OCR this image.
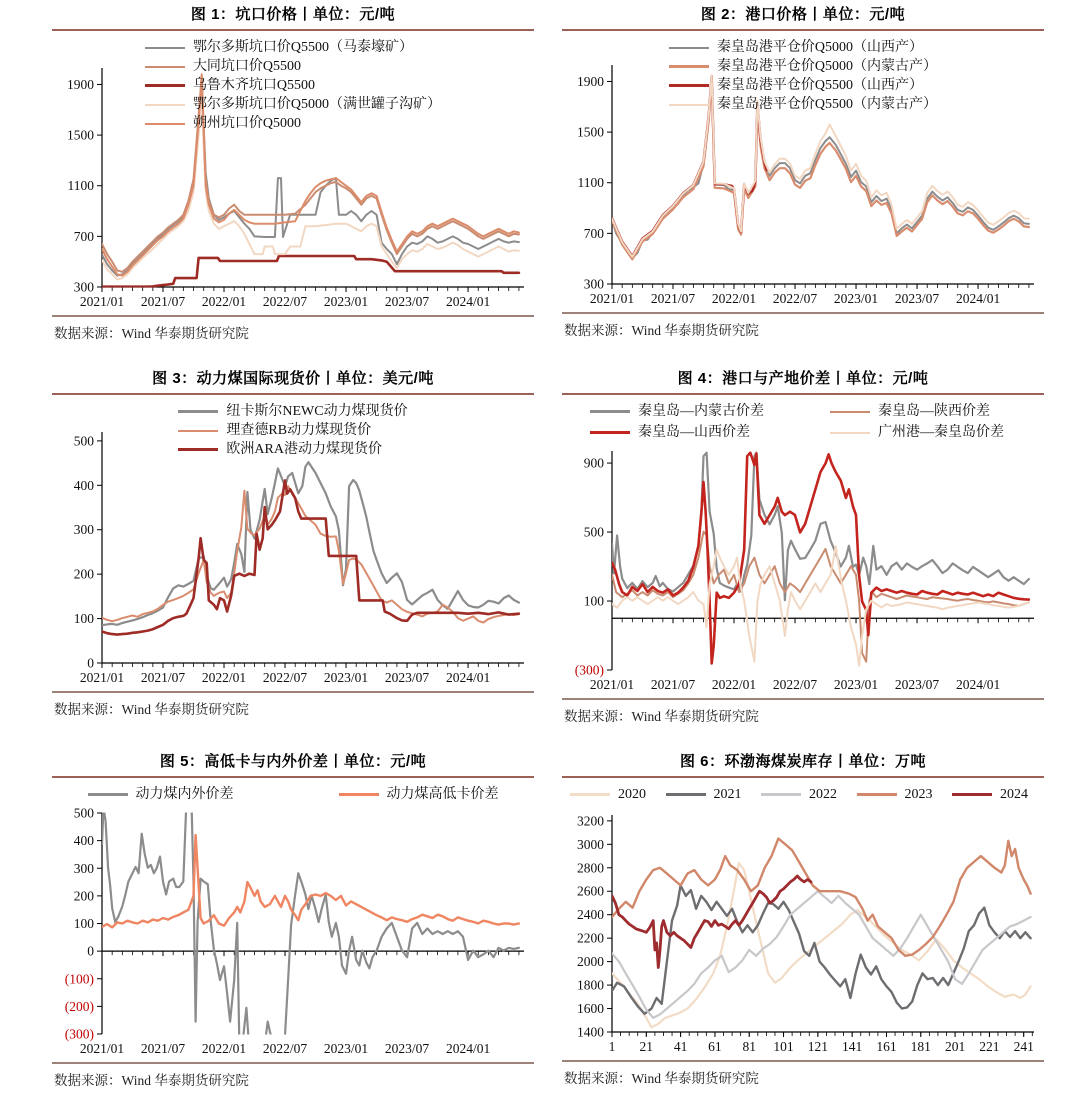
图 1：坑口价格丨单位：元/吨
鄂尔多斯坑口价Q5500（马泰壕矿）
大同坑口价Q5500
乌鲁木齐坑口Q5500
鄂尔多斯坑口价Q5000（满世罐子沟矿）
朔州坑口价Q5000
1900
1500
1100
700
300
2021/01 2021/07 2022/01 2022/07 2023/01 2023/07 2024/01
数据来源：Wind 华泰期货研究院
图 2：港口价格丨单位：元/吨
秦皇岛港平仓价Q5000（山西产）
秦皇岛港平仓价Q5000（内蒙古产）
秦皇岛港平仓价Q5500（山西产）
秦皇岛港平仓价Q5500（内蒙古产）
1900
1500
1100
700
300
2021/01 2021/07 2022/01 2022/07 2023/01 2023/07 2024/01
数据来源：Wind 华泰期货研究院
图 3：动力煤国际现货价丨单位：美元/吨
纽卡斯尔NEWC动力煤现货价
理查德RB动力煤现货价
欧洲ARA港动力煤现货价
500
400
300
200
100
0
2021/01 2021/07 2022/01 2022/07 2023/01 2023/07 2024/01
数据来源：Wind 华泰期货研究院
图 4：港口与产地价差丨单位：元/吨
秦皇岛—内蒙古价差	秦皇岛—陕西价差
秦皇岛—山西价差	广州港—秦皇岛价差
900
500
100
(300)
2021/01 2021/07 2022/01 2022/07 2023/01 2023/07 2024/01
数据来源：Wind 华泰期货研究院
图 5：高低卡与内外价差丨单位：元/吨
动力煤内外价差	动力煤高低卡价差
500
400
300
200
100
0
(100)
(200)
(300)
2021/01 2021/07 2022/01 2022/07 2023/01 2023/07 2024/01
数据来源：Wind 华泰期货研究院
图 6：环渤海煤炭库存丨单位：万吨
2020	2021	2022	2023	2024
3200
3000
2800
2600
2400
2200
2000
1800
1600
1400
1 21 41 61 81 101 121 141 161 181 201 221 241
数据来源：Wind 华泰期货研究院
